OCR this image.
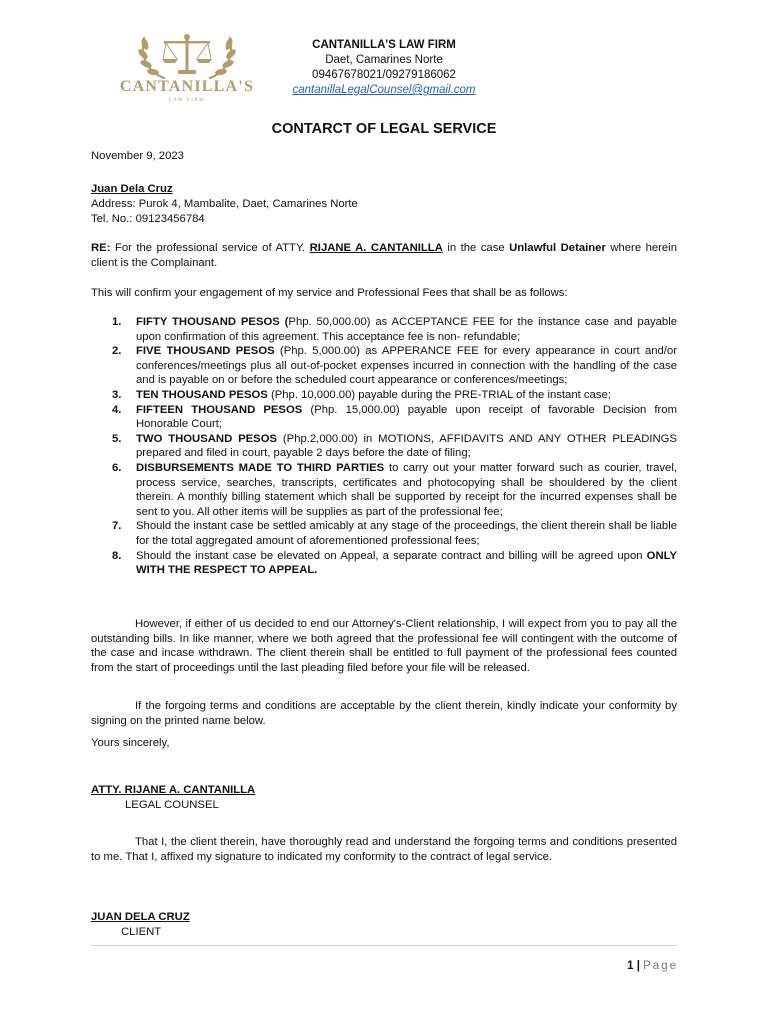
CANTANILLA'S
LAW FIRM
CANTANILLA'S LAW FIRM
Daet, Camarines Norte
09467678021/09279186062
cantanillaLegalCounsel@gmail.com
CONTARCT OF LEGAL SERVICE
November 9, 2023
Juan Dela Cruz
Address: Purok 4, Mambalite, Daet, Camarines Norte
Tel. No.: 09123456784
RE: For the professional service of ATTY. RIJANE A. CANTANILLA in the case Unlawful Detainer where herein client is the Complainant.
This will confirm your engagement of my service and Professional Fees that shall be as follows:
1. FIFTY THOUSAND PESOS (Php. 50,000.00) as ACCEPTANCE FEE for the instance case and payable upon confirmation of this agreement. This acceptance fee is non- refundable;
2. FIVE THOUSAND PESOS (Php. 5,000.00) as APPERANCE FEE for every appearance in court and/or conferences/meetings plus all out-of-pocket expenses incurred in connection with the handling of the case and is payable on or before the scheduled court appearance or conferences/meetings;
3. TEN THOUSAND PESOS (Php. 10,000.00) payable during the PRE-TRIAL of the instant case;
4. FIFTEEN THOUSAND PESOS (Php. 15,000.00) payable upon receipt of favorable Decision from Honorable Court;
5. TWO THOUSAND PESOS (Php.2,000.00) in MOTIONS, AFFIDAVITS AND ANY OTHER PLEADINGS prepared and filed in court, payable 2 days before the date of filing;
6. DISBURSEMENTS MADE TO THIRD PARTIES to carry out your matter forward such as courier, travel, process service, searches, transcripts, certificates and photocopying shall be shouldered by the client therein. A monthly billing statement which shall be supported by receipt for the incurred expenses shall be sent to you. All other items will be supplies as part of the professional fee;
7. Should the instant case be settled amicably at any stage of the proceedings, the client therein shall be liable for the total aggregated amount of aforementioned professional fees;
8. Should the instant case be elevated on Appeal, a separate contract and billing will be agreed upon ONLY WITH THE RESPECT TO APPEAL.
However, if either of us decided to end our Attorney's-Client relationship, I will expect from you to pay all the outstanding bills. In like manner, where we both agreed that the professional fee will contingent with the outcome of the case and incase withdrawn. The client therein shall be entitled to full payment of the professional fees counted from the start of proceedings until the last pleading filed before your file will be released.
If the forgoing terms and conditions are acceptable by the client therein, kindly indicate your conformity by signing on the printed name below.
Yours sincerely,
ATTY. RIJANE A. CANTANILLA
LEGAL COUNSEL
That I, the client therein, have thoroughly read and understand the forgoing terms and conditions presented to me. That I, affixed my signature to indicated my conformity to the contract of legal service.
JUAN DELA CRUZ
CLIENT
1 | Page
